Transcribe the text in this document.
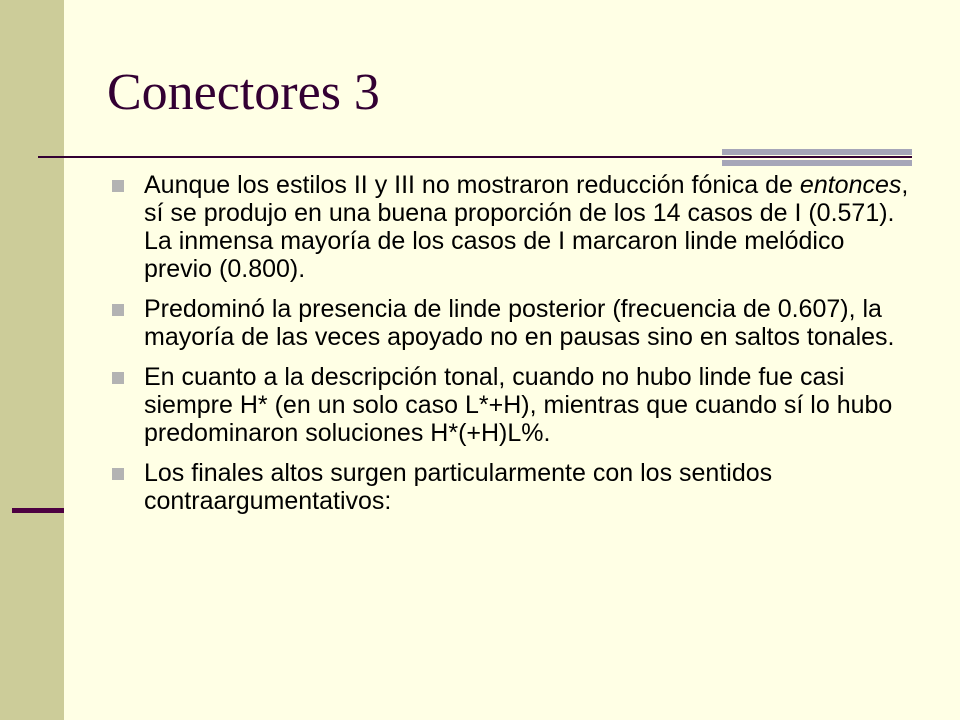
Conectores 3
Aunque los estilos II y III no mostraron reducción fónica de entonces, sí se produjo en una buena proporción de los 14 casos de I (0.571). La inmensa mayoría de los casos de I marcaron linde melódico previo (0.800).
Predominó la presencia de linde posterior (frecuencia de 0.607), la mayoría de las veces apoyado no en pausas sino en saltos tonales.
En cuanto a la descripción tonal, cuando no hubo linde fue casi siempre H* (en un solo caso L*+H), mientras que cuando sí lo hubo predominaron soluciones H*(+H)L%.
Los finales altos surgen particularmente con los sentidos contraargumentativos:
